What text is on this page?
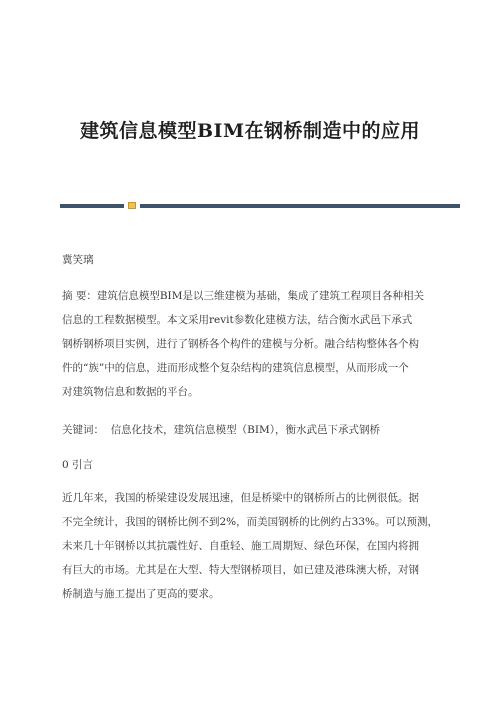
建筑信息模型BIM在钢桥制造中的应用
冀笑璃

摘 要：建筑信息模型BIM是以三维建模为基础，集成了建筑工程项目各种相关

信息的工程数据模型。本文采用revit参数化建模方法，结合衡水武邑下承式

钢桥钢桥项目实例，进行了钢桥各个构件的建模与分析。融合结构整体各个构

件的“族”中的信息，进而形成整个复杂结构的建筑信息模型，从而形成一个

对建筑物信息和数据的平台。

关键词： 信息化技术，建筑信息模型（BIM），衡水武邑下承式钢桥
0 引言

近几年来，我国的桥梁建设发展迅速，但是桥梁中的钢桥所占的比例很低。据

不完全统计，我国的钢桥比例不到2%，而美国钢桥的比例约占33%。可以预测，

未来几十年钢桥以其抗震性好、自重轻、施工周期短、绿色环保，在国内将拥

有巨大的市场。尤其是在大型、特大型钢桥项目，如已建及港珠澳大桥，对钢

桥制造与施工提出了更高的要求。
